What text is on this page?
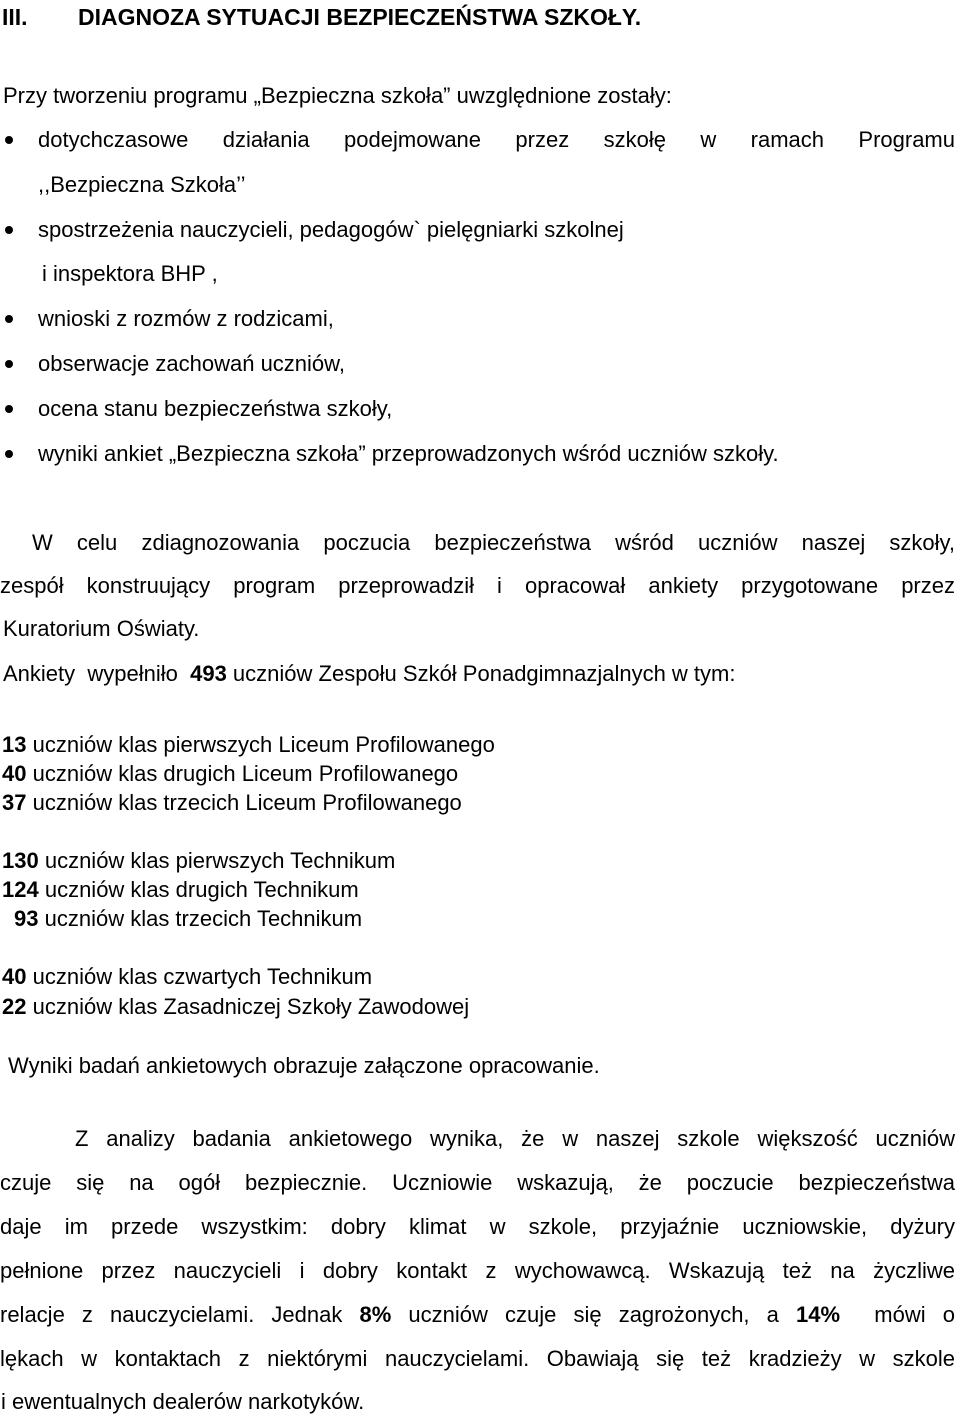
III. DIAGNOZA SYTUACJI BEZPIECZEŃSTWA SZKOŁY.
Przy tworzeniu programu „Bezpieczna szkoła” uwzględnione zostały:
dotychczasowe działania podejmowane przez szkołę w ramach Programu
,,Bezpieczna Szkoła’’
spostrzeżenia nauczycieli, pedagogów` pielęgniarki szkolnej
i inspektora BHP ,
wnioski z rozmów z rodzicami,
obserwacje zachowań uczniów,
ocena stanu bezpieczeństwa szkoły,
wyniki ankiet „Bezpieczna szkoła” przeprowadzonych wśród uczniów szkoły.
W celu zdiagnozowania poczucia bezpieczeństwa wśród uczniów naszej szkoły,
zespół konstruujący program przeprowadził i opracował ankiety przygotowane przez
Kuratorium Oświaty.
Ankiety  wypełniło  493 uczniów Zespołu Szkół Ponadgimnazjalnych w tym:
13 uczniów klas pierwszych Liceum Profilowanego
40 uczniów klas drugich Liceum Profilowanego
37 uczniów klas trzecich Liceum Profilowanego
130 uczniów klas pierwszych Technikum
124 uczniów klas drugich Technikum
93 uczniów klas trzecich Technikum
40 uczniów klas czwartych Technikum
22 uczniów klas Zasadniczej Szkoły Zawodowej
Wyniki badań ankietowych obrazuje załączone opracowanie.
Z analizy badania ankietowego wynika, że w naszej szkole większość uczniów
czuje się na ogół bezpiecznie. Uczniowie wskazują, że poczucie bezpieczeństwa
daje im przede wszystkim: dobry klimat w szkole, przyjaźnie uczniowskie, dyżury
pełnione przez nauczycieli i dobry kontakt z wychowawcą. Wskazują też na życzliwe
relacje z nauczycielami. Jednak 8% uczniów czuje się zagrożonych, a 14%  mówi o
lękach w kontaktach z niektórymi nauczycielami. Obawiają się też kradzieży w szkole
i ewentualnych dealerów narkotyków.
